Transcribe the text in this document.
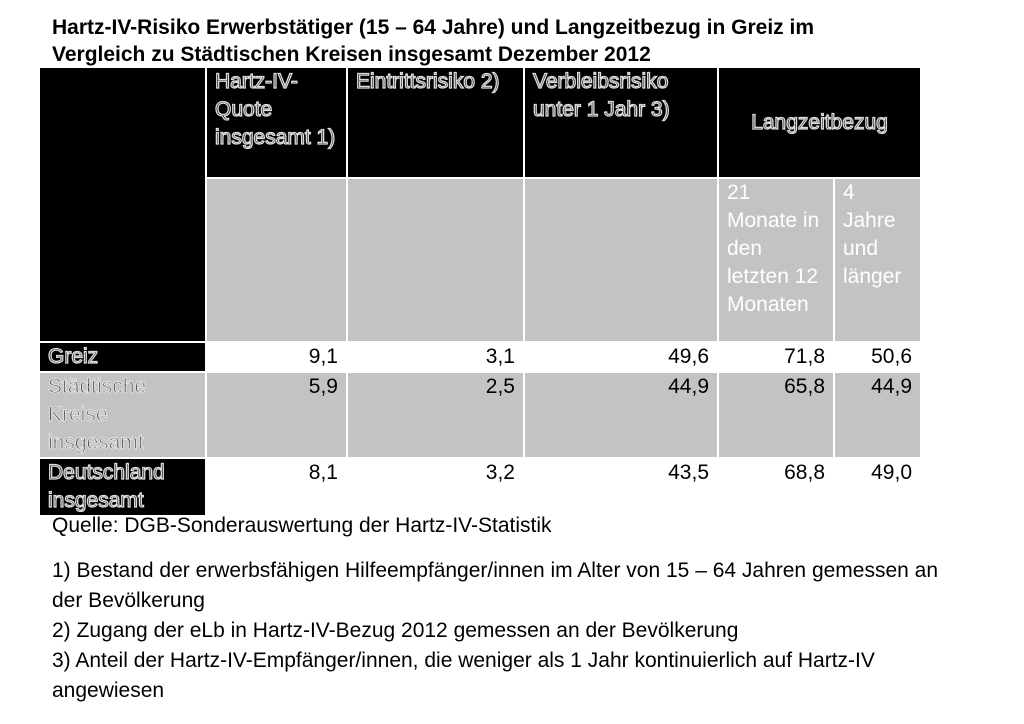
Hartz-IV-Risiko Erwerbstätiger (15 – 64 Jahre) und Langzeitbezug in Greiz im
Vergleich zu Städtischen Kreisen insgesamt Dezember 2012
	Hartz-IV-Quote insgesamt 1)	Eintrittsrisiko 2)	Verbleibsrisiko unter 1 Jahr 3)	Langzeitbezug	
				21 Monate in den letzten 12 Monaten	4 Jahre und länger
Greiz	9,1	3,1	49,6	71,8	50,6
Städtische Kreise insgesamt	5,9	2,5	44,9	65,8	44,9
Deutschland insgesamt	8,1	3,2	43,5	68,8	49,0
Quelle: DGB-Sonderauswertung der Hartz-IV-Statistik
1) Bestand der erwerbsfähigen Hilfeempfänger/innen im Alter von 15 – 64 Jahren gemessen an der Bevölkerung
2) Zugang der eLb in Hartz-IV-Bezug 2012 gemessen an der Bevölkerung
3) Anteil der Hartz-IV-Empfänger/innen, die weniger als 1 Jahr kontinuierlich auf Hartz-IV angewiesen
